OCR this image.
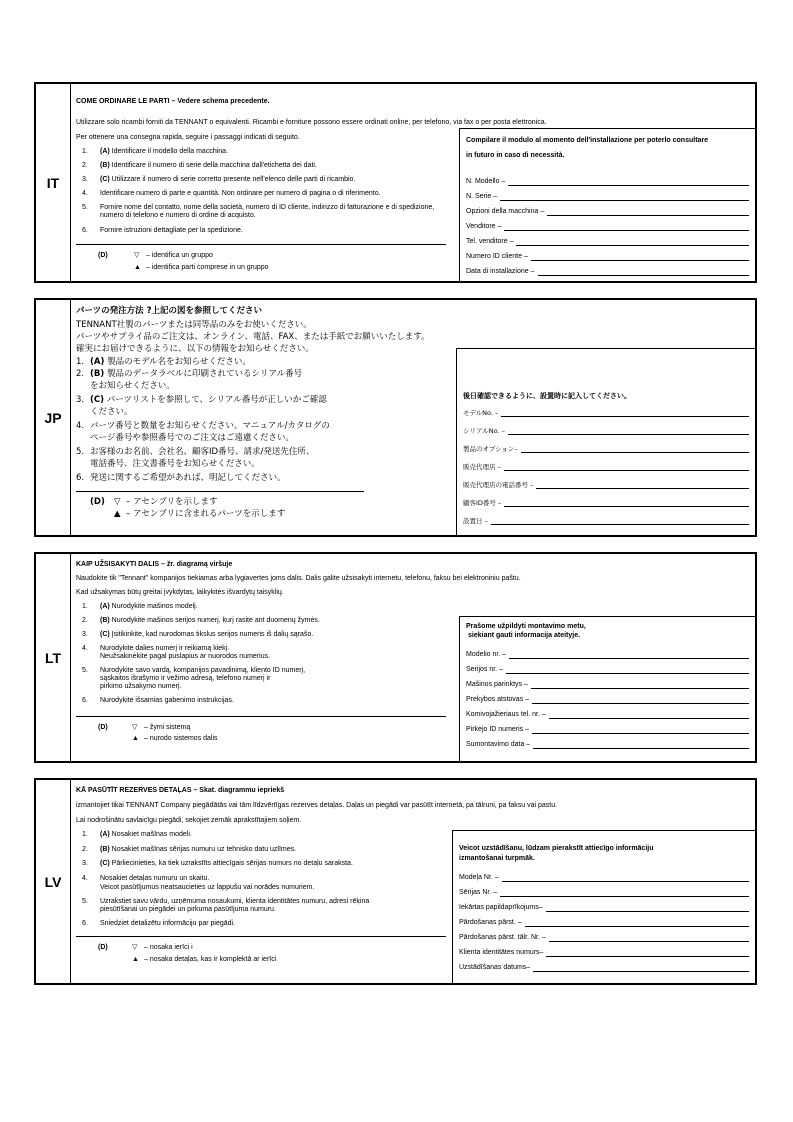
IT
COME ORDINARE LE PARTI – Vedere schema precedente.
Utilizzare solo ricambi forniti da TENNANT o equivalenti. Ricambi e forniture possono essere ordinati online, per telefono, via fax o per posta elettronica.
Per ottenere una consegna rapida, seguire i passaggi indicati di seguito.
1. (A) Identificare il modello della macchina.
2. (B) Identificare il numero di serie della macchina dall'etichetta dei dati.
3. (C) Utilizzare il numero di serie corretto presente nell'elenco delle parti di ricambio.
4. Identificare numero di parte e quantità. Non ordinare per numero di pagina o di riferimento.
5. Fornire nome del contatto, nome della società, numero di ID cliente, indirizzo di fatturazione e di spedizione, numero di telefono e numero di ordine di acquisto.
6. Fornire istruzioni dettagliate per la spedizione.
(D)	▽ – identifica un gruppo
▲ – identifica parti comprese in un gruppo
Compilare il modulo al momento dell'installazione per poterlo consultare in futuro in caso di necessità.
N. Modello –
N. Serie –
Opzioni della macchina –
Venditore –
Tel. venditore –
Numero ID cliente –
Data di installazione –
JP
パーツの発注方法 ?上記の図を参照してください
TENNANT社製のパーツまたは同等品のみをお使いください。
パーツやサプライ品のご注文は、オンライン、電話、FAX、または手紙でお願いいたします。
確実にお届けできるように、以下の情報をお知らせください。
1. (A) 製品のモデル名をお知らせください。
2. (B) 製品のデータラベルに印刷されているシリアル番号
をお知らせください。
3. (C) パーツリストを参照して、シリアル番号が正しいかご確認
ください。
4. パーツ番号と数量をお知らせください。マニュアル/カタログの
ページ番号や参照番号でのご注文はご遠慮ください。
5. お客様のお名前、会社名、顧客ID番号、請求/発送先住所、
電話番号、注文書番号をお知らせください。
6. 発送に関するご希望があれば、明記してください。
(D) ▽ – アセンブリを示します
▲ – アセンブリに含まれるパーツを示します
後日確認できるように、設置時に記入してください。
モデルNo. –
シリアルNo. –
製品のオプション–
販売代理店 –
販売代理店の電話番号 –
顧客ID番号 –
設置日 –
LT
KAIP UŽSISAKYTI DALIS – žr. diagramą viršuje
Naudokite tik "Tennant" kompanijos tiekiamas arba lygiavertes joms dalis. Dalis galite užsisakyti internetu, telefonu, faksu bei elektroniniu paštu.
Kad užsakymas būtų greitai įvykdytas, laikykitės išvardytų taisyklių.
1. (A) Nurodykite mašinos modelį.
2. (B) Nurodykite mašinos serijos numerį, kurį rasite ant duomenų žymės.
3. (C) Įsitikinkite, kad nurodomas tikslus serijos numeris iš dalių sąrašo.
4. Nurodykite dalies numerį ir reikiamą kiekį.
Neužsakinėkite pagal puslapius ar nuorodos numerius.
5. Nurodykite savo vardą, kompanijos pavadinimą, kliento ID numerį,
sąskaitos išrašymo ir vežimo adresą, telefono numerį ir
pirkimo užsakymo numerį.
6. Nurodykite išsamias gabenimo instrukcijas.
(D)	▽ – žymi sistemą
▲ – nurodo sistemos dalis
Prašome užpildyti montavimo metu,
siekiant gauti informacija ateityje.
Modelio nr. –
Serijos nr. –
Mašinos parinktys –
Prekybos atstovas –
Komivojažieriaus tel. nr. –
Pirkėjo ID numeris –
Sumontavimo data –
LV
KĀ PASŪTĪT REZERVES DETAĻAS – Skat. diagrammu iepriekš
izmantojiet tikai TENNANT Company piegādātās vai tām līdzvērtīgas rezerves detaļas. Daļas un piegādi var pasūtīt internetā, pa tālruni, pa faksu vai pastu.
Lai nodrošinātu savlaicīgu piegādi, sekojiet zemāk aprakstītajiem soļiem.
1. (A) Nosakiet mašīnas modeli.
2. (B) Nosakiet mašīnas sērijas numuru uz tehnisko datu uzlīmes.
3. (C) Pārliecinieties, ka tiek uzrakstīts attiecīgais sērijas numurs no detaļu saraksta.
4. Nosakiet detaļas numuru un skaitu.
Veicot pasūtījumus neatsaucieties uz lappušu vai norādes numuriem.
5. Uzrakstiet savu vārdu, uzņēmuma nosaukumi, klienta identitātes numuru, adresi rēķina
piesūtīšanai un piegādei un pirkuma pasūtījuma numuru.
6. Sniedziet detalizētu informāciju par piegādi.
(D)	▽ – nosaka ierīci i
▲ – nosaka detaļas, kas ir komplektā ar ierīci
Veicot uzstādīšanu, lūdzam pierakstīt attiecīgo informāciju
izmantošanai turpmāk.
Modeļa Nr. –
Sērijas Nr. –
Iekārtas papildaprīkojums–
Pārdošanas pārst. –
Pārdošanas pārst. tālr. Nr. –
Klienta identitātes numurs–
Uzstādīšanas datums–
